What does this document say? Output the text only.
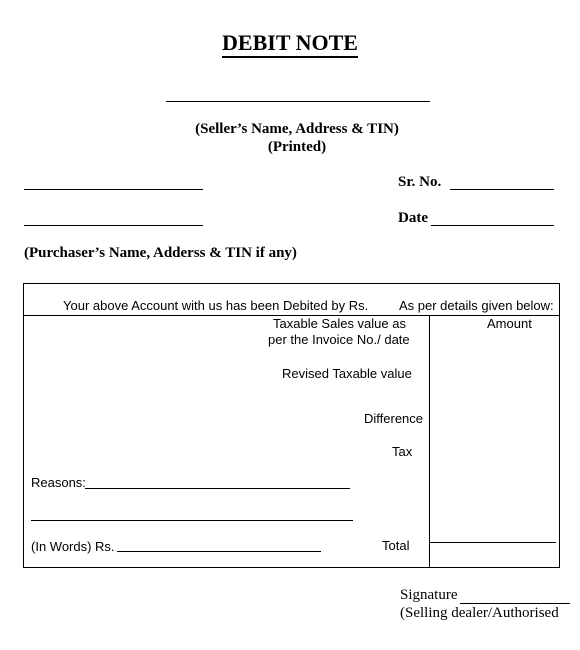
DEBIT NOTE
(Seller’s Name, Address & TIN)
(Printed)
Sr. No.
Date
(Purchaser’s Name, Adderss & TIN if any)
Your above Account with us has been Debited by Rs. As per details given below:
Taxable Sales value as
per the Invoice No./ date
Amount
Revised Taxable value
Difference
Tax
Reasons:
(In Words) Rs.	Total
Signature
(Selling dealer/Authorised
